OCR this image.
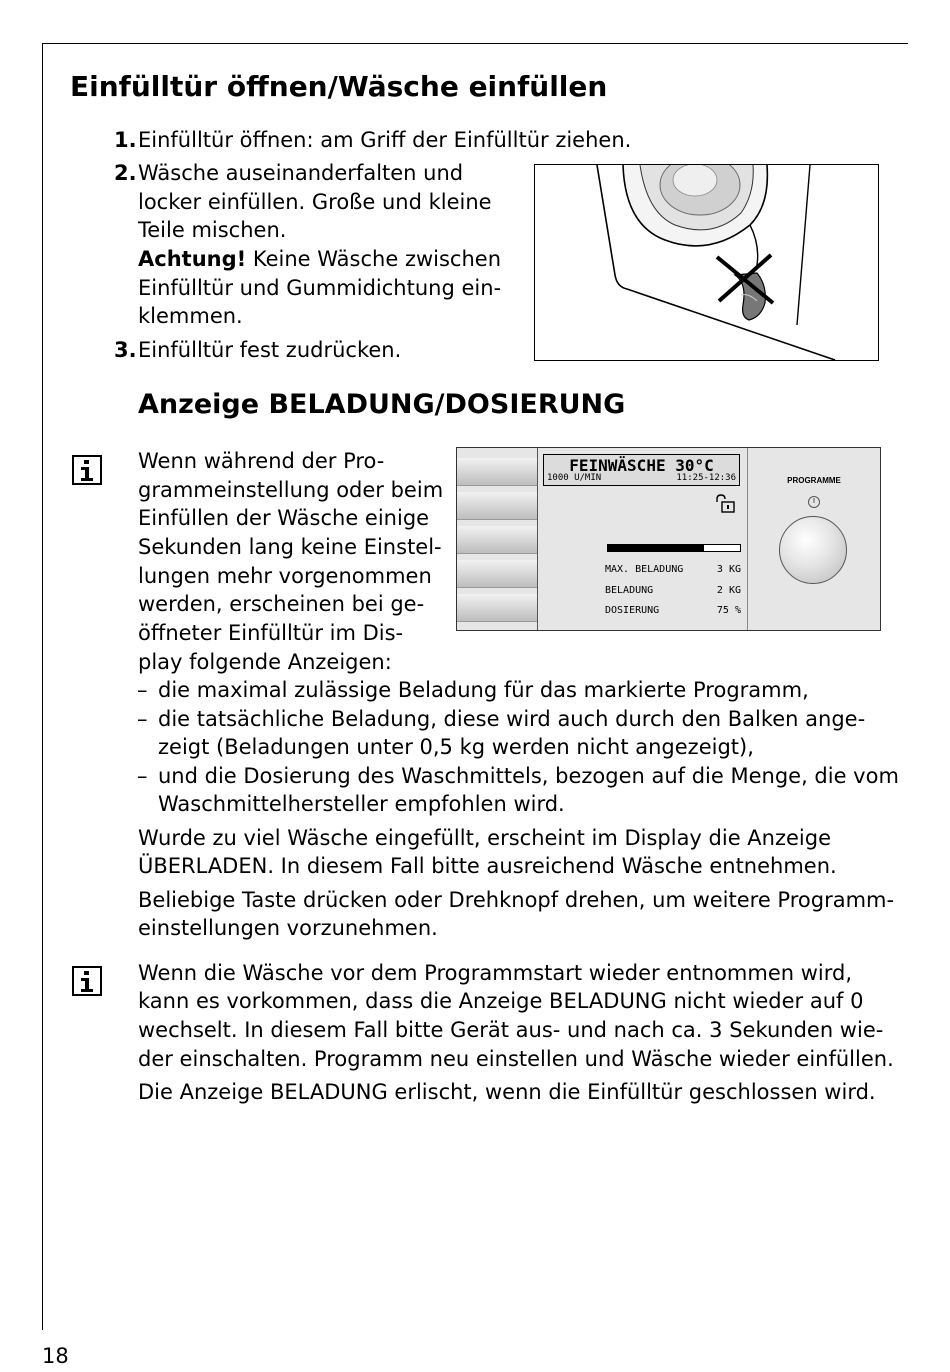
Einfülltür öffnen/Wäsche einfüllen
1. Einfülltür öffnen: am Griff der Einfülltür ziehen.
2. Wäsche auseinanderfalten und
locker einfüllen. Große und kleine
Teile mischen.
Achtung! Keine Wäsche zwischen
Einfülltür und Gummidichtung ein-
klemmen.
3. Einfülltür fest zudrücken.
Anzeige BELADUNG/DOSIERUNG
Wenn während der Pro-
grammeinstellung oder beim
Einfüllen der Wäsche einige
Sekunden lang keine Einstel-
lungen mehr vorgenommen
werden, erscheinen bei ge-
öffneter Einfülltür im Dis-
play folgende Anzeigen:
FEINWÄSCHE 30°C
1000 U/MIN	11:25-12:36
MAX. BELADUNG	3 KG
BELADUNG	2 KG
DOSIERUNG	75 %
PROGRAMME
– die maximal zulässige Beladung für das markierte Programm,
– die tatsächliche Beladung, diese wird auch durch den Balken ange-
zeigt (Beladungen unter 0,5 kg werden nicht angezeigt),
– und die Dosierung des Waschmittels, bezogen auf die Menge, die vom
Waschmittelhersteller empfohlen wird.
Wurde zu viel Wäsche eingefüllt, erscheint im Display die Anzeige
ÜBERLADEN. In diesem Fall bitte ausreichend Wäsche entnehmen.
Beliebige Taste drücken oder Drehknopf drehen, um weitere Programm-
einstellungen vorzunehmen.
Wenn die Wäsche vor dem Programmstart wieder entnommen wird,
kann es vorkommen, dass die Anzeige BELADUNG nicht wieder auf 0
wechselt. In diesem Fall bitte Gerät aus- und nach ca. 3 Sekunden wie-
der einschalten. Programm neu einstellen und Wäsche wieder einfüllen.
Die Anzeige BELADUNG erlischt, wenn die Einfülltür geschlossen wird.
18
